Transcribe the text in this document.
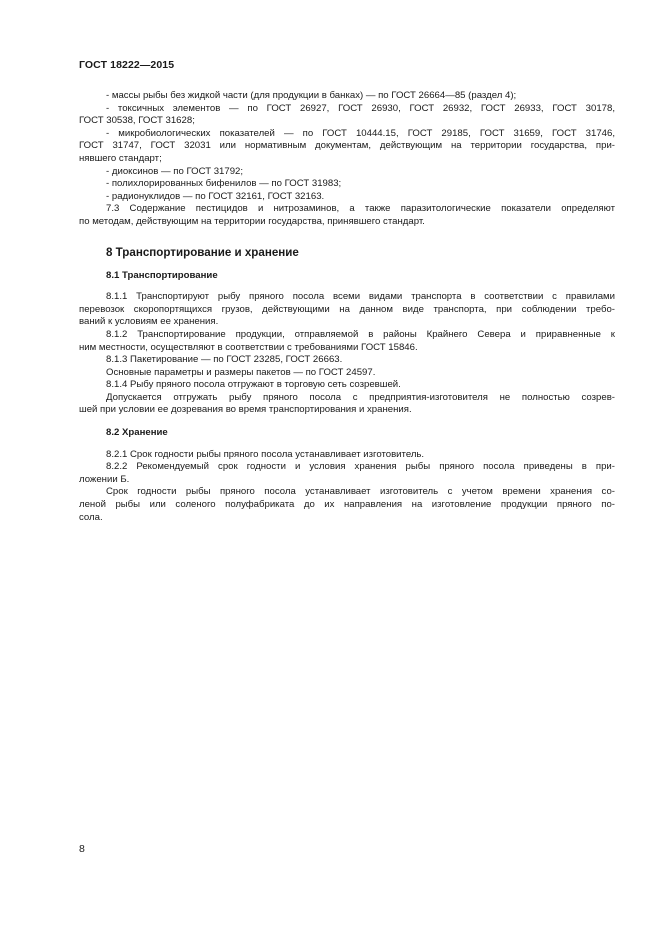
ГОСТ 18222—2015

- массы рыбы без жидкой части (для продукции в банках) — по ГОСТ 26664—85 (раздел 4);

- токсичных элементов — по ГОСТ 26927, ГОСТ 26930, ГОСТ 26932, ГОСТ 26933, ГОСТ 30178,

ГОСТ 30538, ГОСТ 31628;

- микробиологических показателей — по ГОСТ 10444.15, ГОСТ 29185, ГОСТ 31659, ГОСТ 31746,

ГОСТ 31747, ГОСТ 32031 или нормативным документам, действующим на территории государства, при-

нявшего стандарт;

- диоксинов — по ГОСТ 31792;

- полихлорированных бифенилов — по ГОСТ 31983;

- радионуклидов — по ГОСТ 32161, ГОСТ 32163.

7.3 Содержание пестицидов и нитрозаминов, а также паразитологические показатели определяют

по методам, действующим на территории государства, принявшего стандарт.

8 Транспортирование и хранение
8.1 Транспортирование

8.1.1 Транспортируют рыбу пряного посола всеми видами транспорта в соответствии с правилами

перевозок скоропортящихся грузов, действующими на данном виде транспорта, при соблюдении требо-

ваний к условиям ее хранения.

8.1.2 Транспортирование продукции, отправляемой в районы Крайнего Севера и приравненные к

ним местности, осуществляют в соответствии с требованиями ГОСТ 15846.

8.1.3 Пакетирование — по ГОСТ 23285, ГОСТ 26663.

Основные параметры и размеры пакетов — по ГОСТ 24597.

8.1.4 Рыбу пряного посола отгружают в торговую сеть созревшей.

Допускается отгружать рыбу пряного посола с предприятия-изготовителя не полностью созрев-

шей при условии ее дозревания во время транспортирования и хранения.

8.2 Хранение

8.2.1 Срок годности рыбы пряного посола устанавливает изготовитель.

8.2.2 Рекомендуемый срок годности и условия хранения рыбы пряного посола приведены в при-

ложении Б.

Срок годности рыбы пряного посола устанавливает изготовитель с учетом времени хранения со-

леной рыбы или соленого полуфабриката до их направления на изготовление продукции пряного по-

сола.

8
